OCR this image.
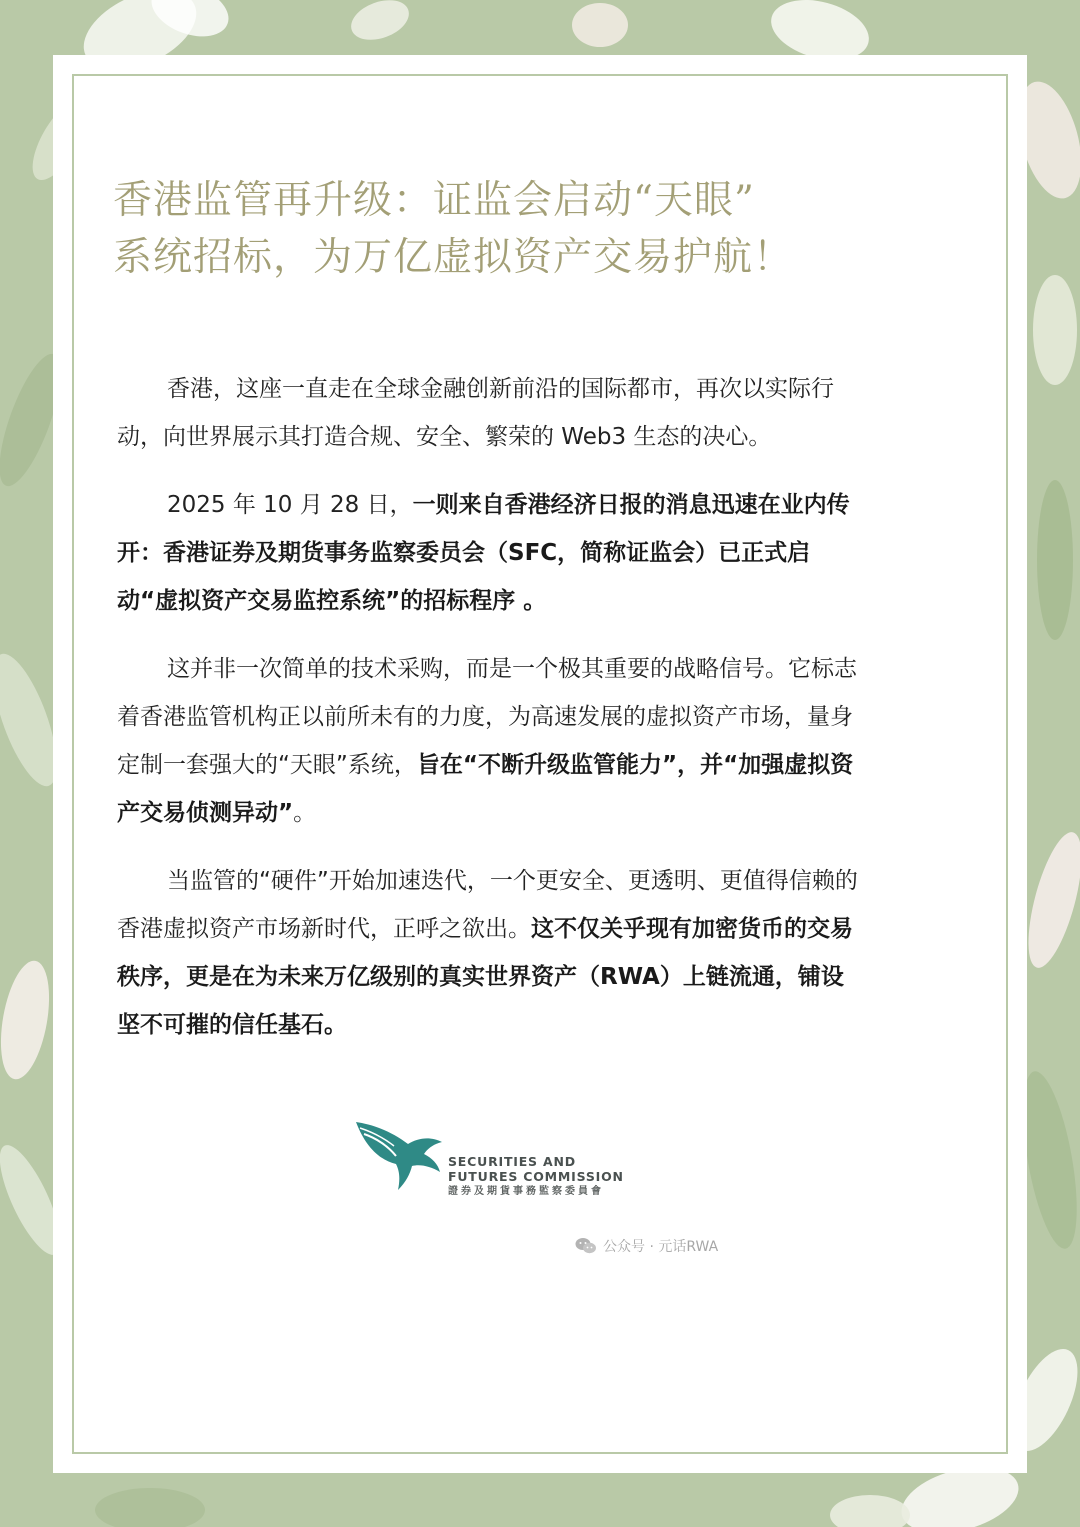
香港监管再升级：证监会启动“天眼”
系统招标，为万亿虚拟资产交易护航！

香港，这座一直走在全球金融创新前沿的国际都市，再次以实际行动，向世界展示其打造合规、安全、繁荣的 Web3 生态的决心。

2025 年 10 月 28 日，一则来自香港经济日报的消息迅速在业内传开：香港证券及期货事务监察委员会（SFC，简称证监会）已正式启动“虚拟资产交易监控系统”的招标程序 。

这并非一次简单的技术采购，而是一个极其重要的战略信号。它标志着香港监管机构正以前所未有的力度，为高速发展的虚拟资产市场，量身定制一套强大的“天眼”系统，旨在“不断升级监管能力”，并“加强虚拟资产交易侦测异动”。

当监管的“硬件”开始加速迭代，一个更安全、更透明、更值得信赖的香港虚拟资产市场新时代，正呼之欲出。这不仅关乎现有加密货币的交易秩序，更是在为未来万亿级别的真实世界资产（RWA）上链流通，铺设坚不可摧的信任基石。

SECURITIES AND
FUTURES COMMISSION
證券及期貨事務監察委員會
公众号 · 元话RWA
